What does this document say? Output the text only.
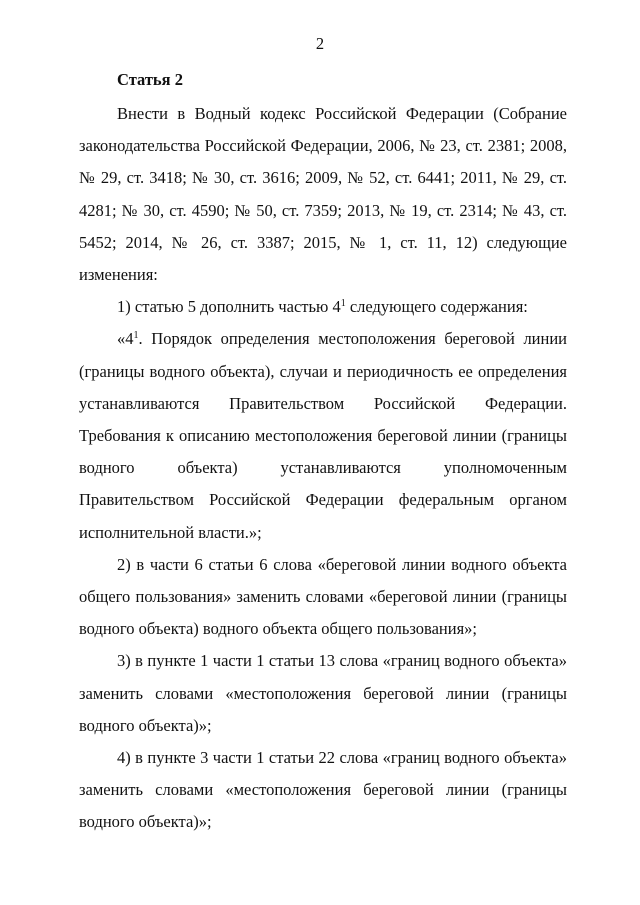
2
Статья 2

Внести в Водный кодекс Российской Федерации (Собрание законодательства Российской Федерации, 2006, № 23, ст. 2381; 2008, № 29, ст. 3418; № 30, ст. 3616; 2009, № 52, ст. 6441; 2011, № 29, ст. 4281; № 30, ст. 4590; № 50, ст. 7359; 2013, № 19, ст. 2314; № 43, ст. 5452; 2014, № 26, ст. 3387; 2015, № 1, ст. 11, 12) следующие изменения:

1) статью 5 дополнить частью $4^1$ следующего содержания:

«$4^1$. Порядок определения местоположения береговой линии (границы водного объекта), случаи и периодичность ее определения устанавливаются Правительством Российской Федерации. Требования к описанию местоположения береговой линии (границы водного объекта) устанавливаются уполномоченным Правительством Российской Федерации федеральным органом исполнительной власти.»;

2) в части 6 статьи 6 слова «береговой линии водного объекта общего пользования» заменить словами «береговой линии (границы водного объекта) водного объекта общего пользования»;

3) в пункте 1 части 1 статьи 13 слова «границ водного объекта» заменить словами «местоположения береговой линии (границы водного объекта)»;

4) в пункте 3 части 1 статьи 22 слова «границ водного объекта» заменить словами «местоположения береговой линии (границы водного объекта)»;
